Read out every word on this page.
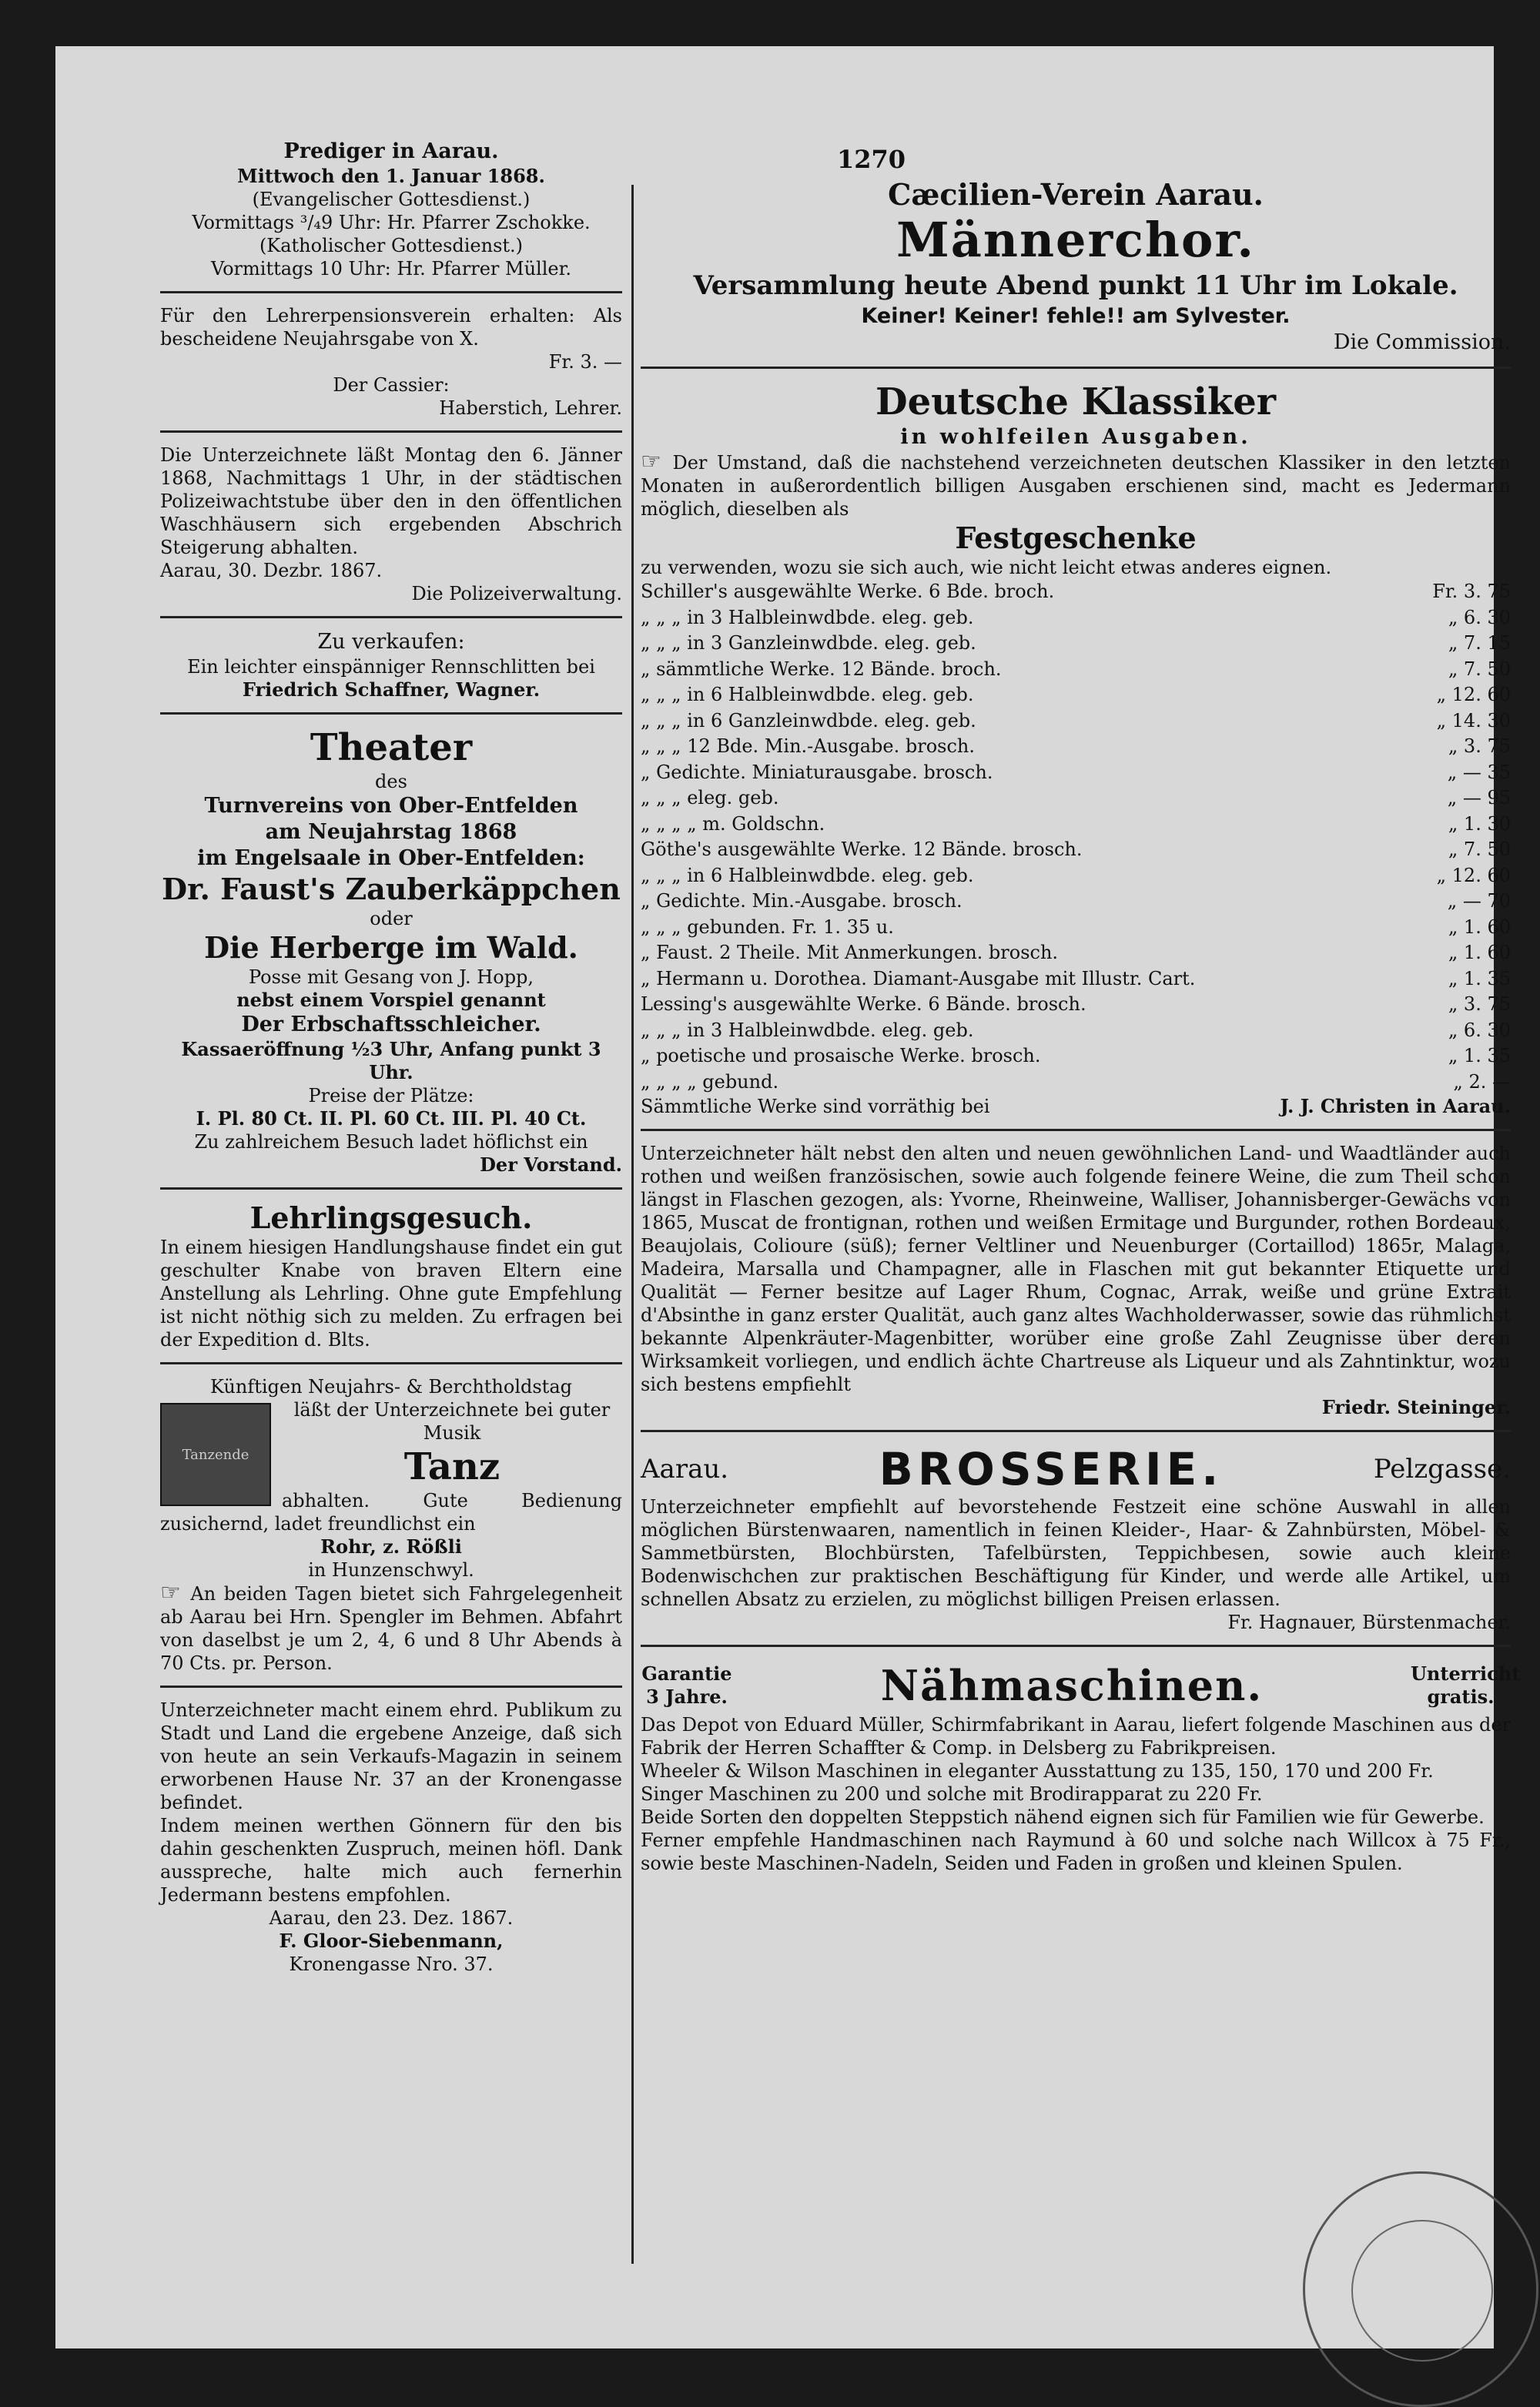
1270
Prediger in Aarau.
Mittwoch den 1. Januar 1868.
(Evangelischer Gottesdienst.)
Vormittags ³/₄9 Uhr: Hr. Pfarrer Zschokke.
(Katholischer Gottesdienst.)
Vormittags 10 Uhr: Hr. Pfarrer Müller.
Für den Lehrerpensionsverein erhalten: Als bescheidene Neujahrsgabe von X.
Fr. 3. —
Der Cassier:
Haberstich, Lehrer.
Die Unterzeichnete läßt Montag den 6. Jänner 1868, Nachmittags 1 Uhr, in der städtischen Polizeiwachtstube über den in den öffentlichen Waschhäusern sich ergebenden Abschrich Steigerung abhalten.
Aarau, 30. Dezbr. 1867.
Die Polizeiverwaltung.
Zu verkaufen:
Ein leichter einspänniger Rennschlitten bei
Friedrich Schaffner, Wagner.
Theater
des
Turnvereins von Ober-Entfelden
am Neujahrstag 1868
im Engelsaale in Ober-Entfelden:
Dr. Faust's Zauberkäppchen
oder
Die Herberge im Wald.
Posse mit Gesang von J. Hopp,
nebst einem Vorspiel genannt
Der Erbschaftsschleicher.
Kassaeröffnung ½3 Uhr, Anfang punkt 3 Uhr.
Preise der Plätze:
I. Pl. 80 Ct. II. Pl. 60 Ct. III. Pl. 40 Ct.
Zu zahlreichem Besuch ladet höflichst ein
Der Vorstand.
Lehrlingsgesuch.
In einem hiesigen Handlungshause findet ein gut geschulter Knabe von braven Eltern eine Anstellung als Lehrling. Ohne gute Empfehlung ist nicht nöthig sich zu melden. Zu erfragen bei der Expedition d. Blts.
Künftigen Neujahrs- & Berchtholdstag
Tanzende
läßt der Unterzeichnete bei guter Musik
Tanz
abhalten. Gute Bedienung zusichernd, ladet freundlichst ein
Rohr, z. Rößli
in Hunzenschwyl.
☞ An beiden Tagen bietet sich Fahrgelegenheit ab Aarau bei Hrn. Spengler im Behmen. Abfahrt von daselbst je um 2, 4, 6 und 8 Uhr Abends à 70 Cts. pr. Person.
Unterzeichneter macht einem ehrd. Publikum zu Stadt und Land die ergebene Anzeige, daß sich von heute an sein Verkaufs-Magazin in seinem erworbenen Hause Nr. 37 an der Kronengasse befindet.
Indem meinen werthen Gönnern für den bis dahin geschenkten Zuspruch, meinen höfl. Dank ausspreche, halte mich auch fernerhin Jedermann bestens empfohlen.
Aarau, den 23. Dez. 1867.
F. Gloor-Siebenmann,
Kronengasse Nro. 37.
Cæcilien-Verein Aarau.
Männerchor.
Versammlung heute Abend punkt 11 Uhr im Lokale.
Keiner! Keiner! fehle!! am Sylvester.
Die Commission.
Deutsche Klassiker
in wohlfeilen Ausgaben.
☞ Der Umstand, daß die nachstehend verzeichneten deutschen Klassiker in den letzten Monaten in außerordentlich billigen Ausgaben erschienen sind, macht es Jedermann möglich, dieselben als
Festgeschenke
zu verwenden, wozu sie sich auch, wie nicht leicht etwas anderes eignen.
Schiller's ausgewählte Werke. 6 Bde. broch.	Fr. 3. 75
„ „ „ in 3 Halbleinwdbde. eleg. geb.	„ 6. 30
„ „ „ in 3 Ganzleinwdbde. eleg. geb.	„ 7. 15
„ sämmtliche Werke. 12 Bände. broch.	„ 7. 50
„ „ „ in 6 Halbleinwdbde. eleg. geb.	„ 12. 60
„ „ „ in 6 Ganzleinwdbde. eleg. geb.	„ 14. 30
„ „ „ 12 Bde. Min.-Ausgabe. brosch.	„ 3. 75
„ Gedichte. Miniaturausgabe. brosch.	„ — 35
„ „ „ eleg. geb.	„ — 95
„ „ „ „ m. Goldschn.	„ 1. 30
Göthe's ausgewählte Werke. 12 Bände. brosch.	„ 7. 50
„ „ „ in 6 Halbleinwdbde. eleg. geb.	„ 12. 60
„ Gedichte. Min.-Ausgabe. brosch.	„ — 70
„ „ „ gebunden. Fr. 1. 35 u.	„ 1. 60
„ Faust. 2 Theile. Mit Anmerkungen. brosch.	„ 1. 60
„ Hermann u. Dorothea. Diamant-Ausgabe mit Illustr. Cart.	„ 1. 35
Lessing's ausgewählte Werke. 6 Bände. brosch.	„ 3. 75
„ „ „ in 3 Halbleinwdbde. eleg. geb.	„ 6. 30
„ poetische und prosaische Werke. brosch.	„ 1. 35
„ „ „ „ gebund.	„ 2. —
Sämmtliche Werke sind vorräthig bei	J. J. Christen in Aarau.
Unterzeichneter hält nebst den alten und neuen gewöhnlichen Land- und Waadtländer auch rothen und weißen französischen, sowie auch folgende feinere Weine, die zum Theil schon längst in Flaschen gezogen, als: Yvorne, Rheinweine, Walliser, Johannisberger-Gewächs von 1865, Muscat de frontignan, rothen und weißen Ermitage und Burgunder, rothen Bordeaux, Beaujolais, Colioure (süß); ferner Veltliner und Neuenburger (Cortaillod) 1865r, Malaga, Madeira, Marsalla und Champagner, alle in Flaschen mit gut bekannter Etiquette und Qualität — Ferner besitze auf Lager Rhum, Cognac, Arrak, weiße und grüne Extrait d'Absinthe in ganz erster Qualität, auch ganz altes Wachholderwasser, sowie das rühmlichst bekannte Alpenkräuter-Magenbitter, worüber eine große Zahl Zeugnisse über deren Wirksamkeit vorliegen, und endlich ächte Chartreuse als Liqueur und als Zahntinktur, wozu sich bestens empfiehlt
Friedr. Steininger.
Aarau.	BROSSERIE.	Pelzgasse.
Unterzeichneter empfiehlt auf bevorstehende Festzeit eine schöne Auswahl in allen möglichen Bürstenwaaren, namentlich in feinen Kleider-, Haar- & Zahnbürsten, Möbel- & Sammetbürsten, Blochbürsten, Tafelbürsten, Teppichbesen, sowie auch kleine Bodenwischchen zur praktischen Beschäftigung für Kinder, und werde alle Artikel, um schnellen Absatz zu erzielen, zu möglichst billigen Preisen erlassen.
Fr. Hagnauer, Bürstenmacher.
Garantie 3 Jahre.	Nähmaschinen.	Unterricht gratis.
Das Depot von Eduard Müller, Schirmfabrikant in Aarau, liefert folgende Maschinen aus der Fabrik der Herren Schaffter & Comp. in Delsberg zu Fabrikpreisen.
Wheeler & Wilson Maschinen in eleganter Ausstattung zu 135, 150, 170 und 200 Fr.
Singer Maschinen zu 200 und solche mit Brodirapparat zu 220 Fr.
Beide Sorten den doppelten Steppstich nähend eignen sich für Familien wie für Gewerbe.
Ferner empfehle Handmaschinen nach Raymund à 60 und solche nach Willcox à 75 Fr., sowie beste Maschinen-Nadeln, Seiden und Faden in großen und kleinen Spulen.
